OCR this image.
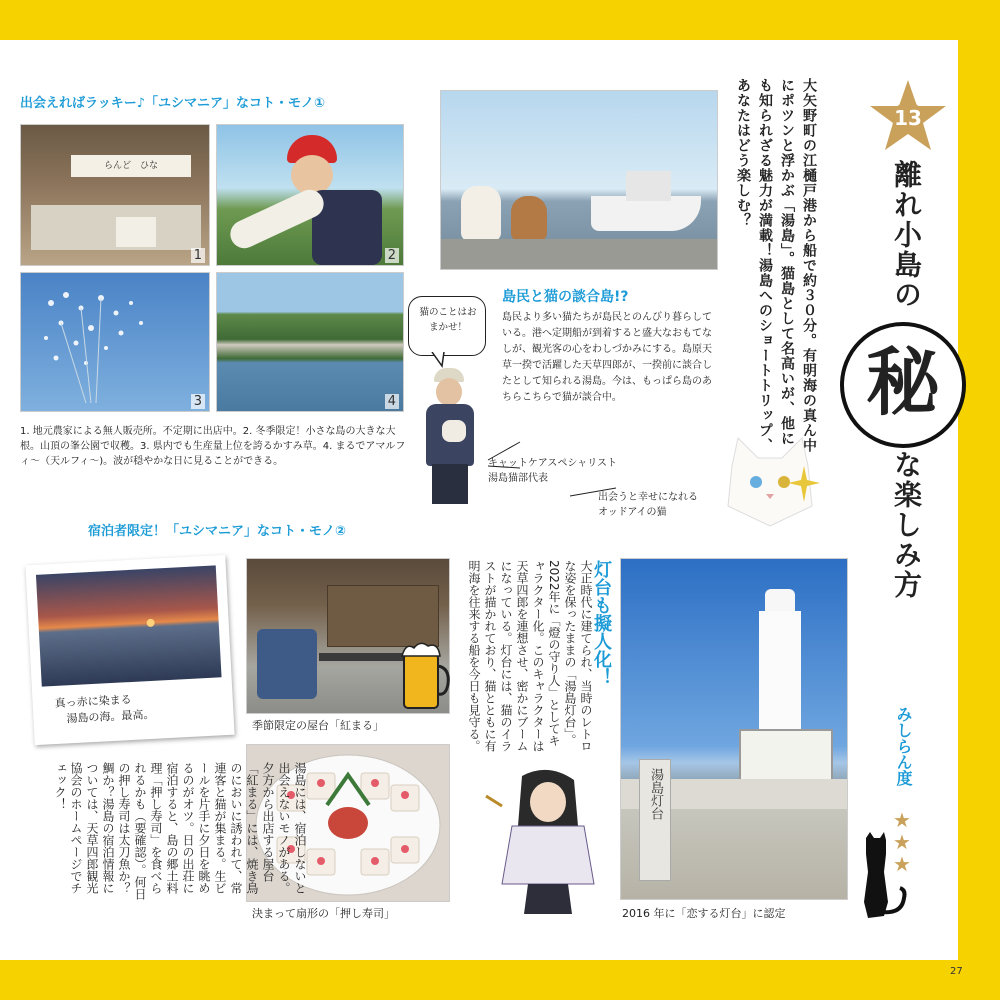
出会えればラッキー♪「ユシマニア」なコト・モノ①
らんど　ひな
1	2
3	4
1. 地元農家による無人販売所。不定期に出店中。2. 冬季限定！小さな島の大きな大根。山頂の峯公園で収穫。3. 県内でも生産量上位を誇るかすみ草。4. まるでアマルフィ〜（天ルフィ〜)。波が穏やかな日に見ることができる。
島民と猫の談合島!?
島民より多い猫たちが島民とのんびり暮らしている。港へ定期船が到着すると盛大なおもてなしが、観光客の心をわしづかみにする。島原天草一揆で活躍した天草四郎が、一揆前に談合したとして知られる湯島。今は、もっぱら島のあちらこちらで猫が談合中。
猫のことはおまかせ！
キャットケアスペシャリスト
湯島猫部代表
出会うと幸せになれる
オッドアイの猫
13
大矢野町の江樋戸港から船で約３０分。有明海の真ん中にポツンと浮かぶ「湯島」。猫島として名高いが、他にも知られざる魅力が満載！湯島へのショートトリップ、あなたはどう楽しむ？
離れ小島の
秘
な楽しみ方
みしらん度
★★★
宿泊者限定！「ユシマニア」なコト・モノ②
真っ赤に染まる
　湯島の海。最高。	季節限定の屋台「紅まる」
決まって扇形の「押し寿司」
湯島には、宿泊しないと出会えないモノがある。夕方から出店する屋台「紅まる」には、焼き鳥のにおいに誘われて、常連客と猫が集まる。生ビールを片手に夕日を眺めるのがオツ。日の出荘に宿泊すると、島の郷土料理「押し寿司」を食べられるかも（要確認）。何日の押し寿司は太刀魚か？鯛か？湯島の宿泊情報については、天草四郎観光協会のホームページでチェック！
灯台も擬人化！
大正時代に建てられ、当時のレトロな姿を保ったままの「湯島灯台」。2022年に「燈の守り人」としてキャラクター化。このキャラクターは天草四郎を連想させ、密かにブームになっている。灯台には、猫のイラストが描かれており、猫とともに有明海を往来する船を今日も見守る。
湯島灯台
2016 年に「恋する灯台」に認定
27
